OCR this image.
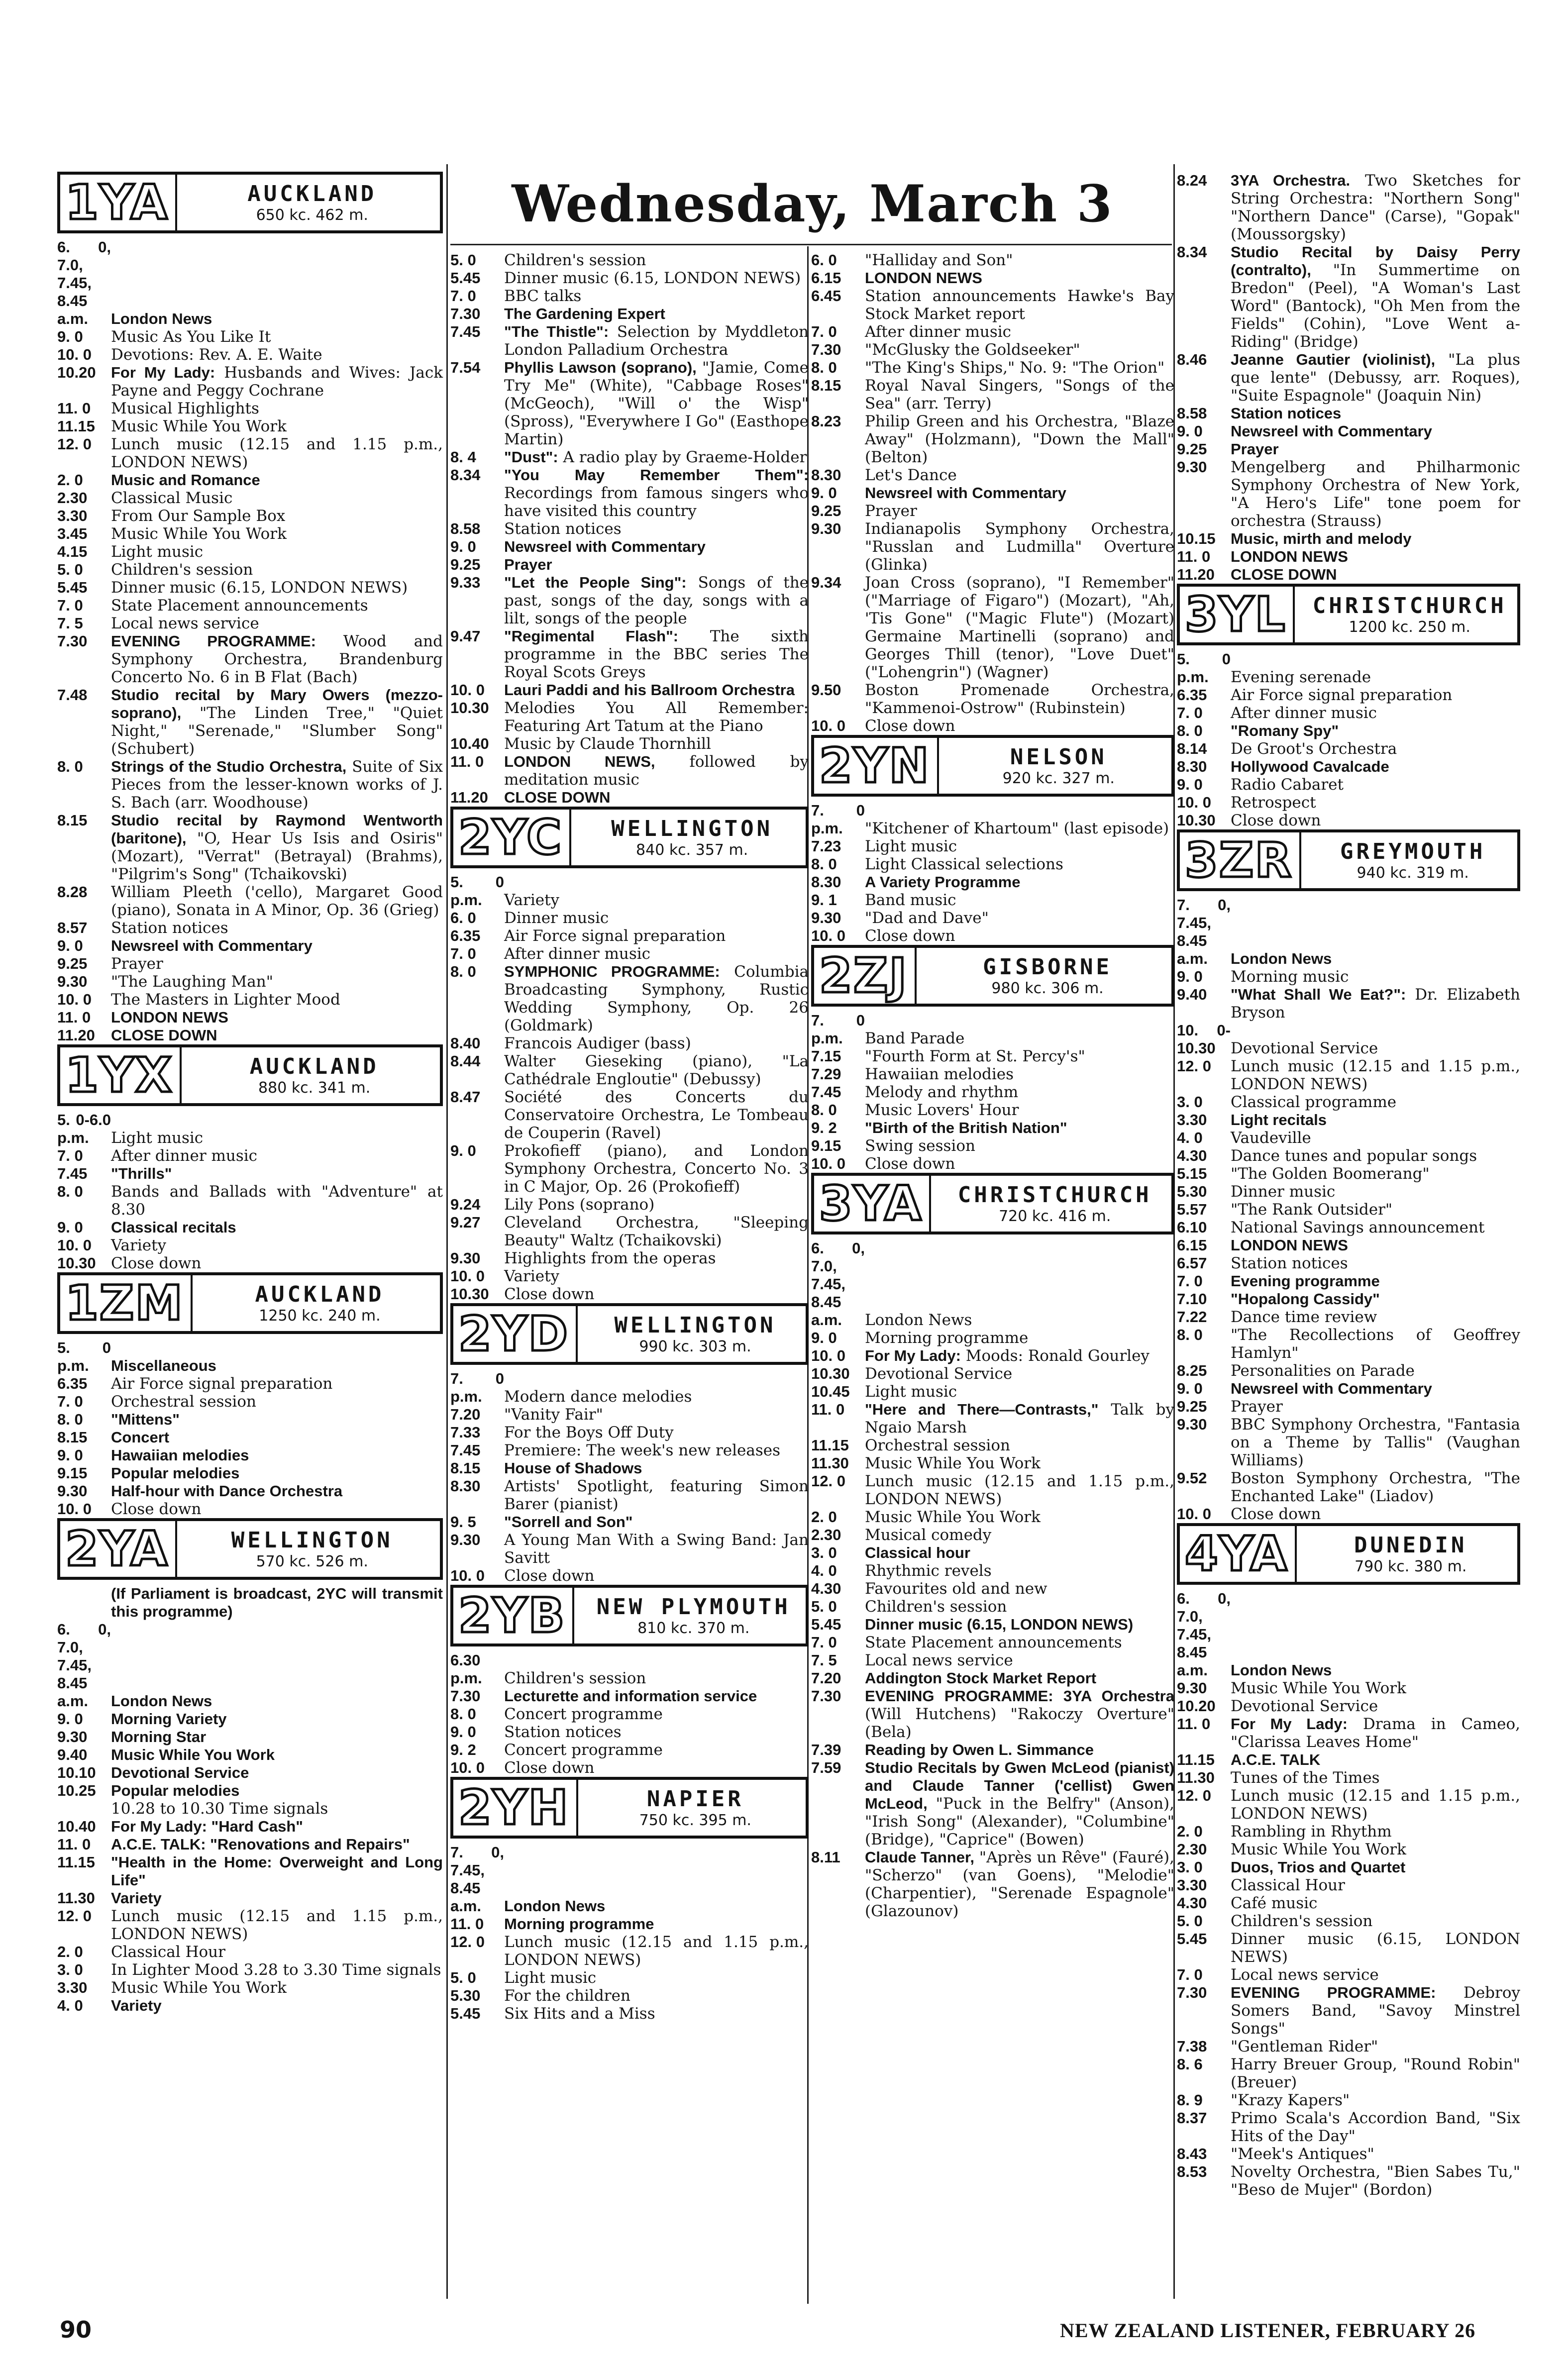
Wednesday, March 3
1YA	AUCKLAND
650 kc. 462 m.

6. 0, 7.0, 7.45, 8.45 a.m. London News

9. 0 Music As You Like It

10. 0 Devotions: Rev. A. E. Waite

10.20 For My Lady: Husbands and Wives: Jack Payne and Peggy Cochrane

11. 0 Musical Highlights

11.15 Music While You Work

12. 0 Lunch music (12.15 and 1.15 p.m., LONDON NEWS)

2. 0 Music and Romance

2.30 Classical Music

3.30 From Our Sample Box

3.45 Music While You Work

4.15 Light music

5. 0 Children's session

5.45 Dinner music (6.15, LONDON NEWS)

7. 0 State Placement announcements

7. 5 Local news service

7.30 EVENING PROGRAMME: Wood and Symphony Orchestra, Brandenburg Concerto No. 6 in B Flat (Bach)

7.48 Studio recital by Mary Owers (mezzo-soprano), "The Linden Tree," "Quiet Night," "Serenade," "Slumber Song" (Schubert)

8. 0 Strings of the Studio Orchestra, Suite of Six Pieces from the lesser-known works of J. S. Bach (arr. Woodhouse)

8.15 Studio recital by Raymond Wentworth (baritone), "O, Hear Us Isis and Osiris" (Mozart), "Verrat" (Betrayal) (Brahms), "Pilgrim's Song" (Tchaikovski)

8.28 William Pleeth ('cello), Margaret Good (piano), Sonata in A Minor, Op. 36 (Grieg)

8.57 Station notices

9. 0 Newsreel with Commentary

9.25 Prayer

9.30 "The Laughing Man"

10. 0 The Masters in Lighter Mood

11. 0 LONDON NEWS

11.20 CLOSE DOWN

1YX	AUCKLAND
880 kc. 341 m.

5. 0-6.0 p.m. Light music

7. 0 After dinner music

7.45 "Thrills"

8. 0 Bands and Ballads with "Adventure" at 8.30

9. 0 Classical recitals

10. 0 Variety

10.30 Close down

1ZM	AUCKLAND
1250 kc. 240 m.

5. 0 p.m. Miscellaneous

6.35 Air Force signal preparation

7. 0 Orchestral session

8. 0 "Mittens"

8.15 Concert

9. 0 Hawaiian melodies

9.15 Popular melodies

9.30 Half-hour with Dance Orchestra

10. 0 Close down

2YA	WELLINGTON
570 kc. 526 m.

(If Parliament is broadcast, 2YC will transmit this programme)

6. 0, 7.0, 7.45, 8.45 a.m. London News

9. 0 Morning Variety

9.30 Morning Star

9.40 Music While You Work

10.10 Devotional Service

10.25 Popular melodies

10.28 to 10.30 Time signals

10.40 For My Lady: "Hard Cash"

11. 0 A.C.E. TALK: "Renovations and Repairs"

11.15 "Health in the Home: Overweight and Long Life"

11.30 Variety

12. 0 Lunch music (12.15 and 1.15 p.m., LONDON NEWS)

2. 0 Classical Hour

3. 0 In Lighter Mood 3.28 to 3.30 Time signals

3.30 Music While You Work

4. 0 Variety

5. 0 Children's session

5.45 Dinner music (6.15, LONDON NEWS)

7. 0 BBC talks

7.30 The Gardening Expert

7.45 "The Thistle": Selection by Myddleton London Palladium Orchestra

7.54 Phyllis Lawson (soprano), "Jamie, Come Try Me" (White), "Cabbage Roses" (McGeoch), "Will o' the Wisp" (Spross), "Everywhere I Go" (Easthope Martin)

8. 4 "Dust": A radio play by Graeme-Holder

8.34 "You May Remember Them": Recordings from famous singers who have visited this country

8.58 Station notices

9. 0 Newsreel with Commentary

9.25 Prayer

9.33 "Let the People Sing": Songs of the past, songs of the day, songs with a lilt, songs of the people

9.47 "Regimental Flash": The sixth programme in the BBC series The Royal Scots Greys

10. 0 Lauri Paddi and his Ballroom Orchestra

10.30 Melodies You All Remember: Featuring Art Tatum at the Piano

10.40 Music by Claude Thornhill

11. 0 LONDON NEWS, followed by meditation music

11.20 CLOSE DOWN

2YC	WELLINGTON
840 kc. 357 m.

5. 0 p.m. Variety

6. 0 Dinner music

6.35 Air Force signal preparation

7. 0 After dinner music

8. 0 SYMPHONIC PROGRAMME: Columbia Broadcasting Symphony, Rustic Wedding Symphony, Op. 26 (Goldmark)

8.40 Francois Audiger (bass)

8.44 Walter Gieseking (piano), "La Cathédrale Engloutie" (Debussy)

8.47 Société des Concerts du Conservatoire Orchestra, Le Tombeau de Couperin (Ravel)

9. 0 Prokofieff (piano), and London Symphony Orchestra, Concerto No. 3 in C Major, Op. 26 (Prokofieff)

9.24 Lily Pons (soprano)

9.27 Cleveland Orchestra, "Sleeping Beauty" Waltz (Tchaikovski)

9.30 Highlights from the operas

10. 0 Variety

10.30 Close down

2YD	WELLINGTON
990 kc. 303 m.

7. 0 p.m. Modern dance melodies

7.20 "Vanity Fair"

7.33 For the Boys Off Duty

7.45 Premiere: The week's new releases

8.15 House of Shadows

8.30 Artists' Spotlight, featuring Simon Barer (pianist)

9. 5 "Sorrell and Son"

9.30 A Young Man With a Swing Band: Jan Savitt

10. 0 Close down

2YB	NEW PLYMOUTH
810 kc. 370 m.

6.30 p.m. Children's session

7.30 Lecturette and information service

8. 0 Concert programme

9. 0 Station notices

9. 2 Concert programme

10. 0 Close down

2YH	NAPIER
750 kc. 395 m.

7. 0, 7.45, 8.45 a.m. London News

11. 0 Morning programme

12. 0 Lunch music (12.15 and 1.15 p.m., LONDON NEWS)

5. 0 Light music

5.30 For the children

5.45 Six Hits and a Miss

6. 0 "Halliday and Son"

6.15 LONDON NEWS

6.45 Station announcements Hawke's Bay Stock Market report

7. 0 After dinner music

7.30 "McGlusky the Goldseeker"

8. 0 "The King's Ships," No. 9: "The Orion"

8.15 Royal Naval Singers, "Songs of the Sea" (arr. Terry)

8.23 Philip Green and his Orchestra, "Blaze Away" (Holzmann), "Down the Mall" (Belton)

8.30 Let's Dance

9. 0 Newsreel with Commentary

9.25 Prayer

9.30 Indianapolis Symphony Orchestra, "Russlan and Ludmilla" Overture (Glinka)

9.34 Joan Cross (soprano), "I Remember" ("Marriage of Figaro") (Mozart), "Ah, 'Tis Gone" ("Magic Flute") (Mozart) Germaine Martinelli (soprano) and Georges Thill (tenor), "Love Duet" ("Lohengrin") (Wagner)

9.50 Boston Promenade Orchestra, "Kammenoi-Ostrow" (Rubinstein)

10. 0 Close down

2YN	NELSON
920 kc. 327 m.

7. 0 p.m. "Kitchener of Khartoum" (last episode)

7.23 Light music

8. 0 Light Classical selections

8.30 A Variety Programme

9. 1 Band music

9.30 "Dad and Dave"

10. 0 Close down

2ZJ	GISBORNE
980 kc. 306 m.

7. 0 p.m. Band Parade

7.15 "Fourth Form at St. Percy's"

7.29 Hawaiian melodies

7.45 Melody and rhythm

8. 0 Music Lovers' Hour

9. 2 "Birth of the British Nation"

9.15 Swing session

10. 0 Close down

3YA	CHRISTCHURCH
720 kc. 416 m.

6. 0, 7.0, 7.45, 8.45 a.m. London News

9. 0 Morning programme

10. 0 For My Lady: Moods: Ronald Gourley

10.30 Devotional Service

10.45 Light music

11. 0 "Here and There—Contrasts," Talk by Ngaio Marsh

11.15 Orchestral session

11.30 Music While You Work

12. 0 Lunch music (12.15 and 1.15 p.m., LONDON NEWS)

2. 0 Music While You Work

2.30 Musical comedy

3. 0 Classical hour

4. 0 Rhythmic revels

4.30 Favourites old and new

5. 0 Children's session

5.45 Dinner music (6.15, LONDON NEWS)

7. 0 State Placement announcements

7. 5 Local news service

7.20 Addington Stock Market Report

7.30 EVENING PROGRAMME: 3YA Orchestra (Will Hutchens) "Rakoczy Overture" (Bela)

7.39 Reading by Owen L. Simmance

7.59 Studio Recitals by Gwen McLeod (pianist) and Claude Tanner ('cellist) Gwen McLeod, "Puck in the Belfry" (Anson), "Irish Song" (Alexander), "Columbine" (Bridge), "Caprice" (Bowen)

8.11 Claude Tanner, "Après un Rêve" (Fauré), "Scherzo" (van Goens), "Melodie" (Charpentier), "Serenade Espagnole" (Glazounov)

8.24 3YA Orchestra. Two Sketches for String Orchestra: "Northern Song" "Northern Dance" (Carse), "Gopak" (Moussorgsky)

8.34 Studio Recital by Daisy Perry (contralto), "In Summertime on Bredon" (Peel), "A Woman's Last Word" (Bantock), "Oh Men from the Fields" (Cohin), "Love Went a-Riding" (Bridge)

8.46 Jeanne Gautier (violinist), "La plus que lente" (Debussy, arr. Roques), "Suite Espagnole" (Joaquin Nin)

8.58 Station notices

9. 0 Newsreel with Commentary

9.25 Prayer

9.30 Mengelberg and Philharmonic Symphony Orchestra of New York, "A Hero's Life" tone poem for orchestra (Strauss)

10.15 Music, mirth and melody

11. 0 LONDON NEWS

11.20 CLOSE DOWN

3YL	CHRISTCHURCH
1200 kc. 250 m.

5. 0 p.m. Evening serenade

6.35 Air Force signal preparation

7. 0 After dinner music

8. 0 "Romany Spy"

8.14 De Groot's Orchestra

8.30 Hollywood Cavalcade

9. 0 Radio Cabaret

10. 0 Retrospect

10.30 Close down

3ZR	GREYMOUTH
940 kc. 319 m.

7. 0, 7.45, 8.45 a.m. London News

9. 0 Morning music

9.40 "What Shall We Eat?": Dr. Elizabeth Bryson

10. 0-10.30 Devotional Service

12. 0 Lunch music (12.15 and 1.15 p.m., LONDON NEWS)

3. 0 Classical programme

3.30 Light recitals

4. 0 Vaudeville

4.30 Dance tunes and popular songs

5.15 "The Golden Boomerang"

5.30 Dinner music

5.57 "The Rank Outsider"

6.10 National Savings announcement

6.15 LONDON NEWS

6.57 Station notices

7. 0 Evening programme

7.10 "Hopalong Cassidy"

7.22 Dance time review

8. 0 "The Recollections of Geoffrey Hamlyn"

8.25 Personalities on Parade

9. 0 Newsreel with Commentary

9.25 Prayer

9.30 BBC Symphony Orchestra, "Fantasia on a Theme by Tallis" (Vaughan Williams)

9.52 Boston Symphony Orchestra, "The Enchanted Lake" (Liadov)

10. 0 Close down

4YA	DUNEDIN
790 kc. 380 m.

6. 0, 7.0, 7.45, 8.45 a.m. London News

9.30 Music While You Work

10.20 Devotional Service

11. 0 For My Lady: Drama in Cameo, "Clarissa Leaves Home"

11.15 A.C.E. TALK

11.30 Tunes of the Times

12. 0 Lunch music (12.15 and 1.15 p.m., LONDON NEWS)

2. 0 Rambling in Rhythm

2.30 Music While You Work

3. 0 Duos, Trios and Quartet

3.30 Classical Hour

4.30 Café music

5. 0 Children's session

5.45 Dinner music (6.15, LONDON NEWS)

7. 0 Local news service

7.30 EVENING PROGRAMME: Debroy Somers Band, "Savoy Minstrel Songs"

7.38 "Gentleman Rider"

8. 6 Harry Breuer Group, "Round Robin" (Breuer)

8. 9 "Krazy Kapers"

8.37 Primo Scala's Accordion Band, "Six Hits of the Day"

8.43 "Meek's Antiques"

8.53 Novelty Orchestra, "Bien Sabes Tu," "Beso de Mujer" (Bordon)

90	NEW ZEALAND LISTENER, FEBRUARY 26
